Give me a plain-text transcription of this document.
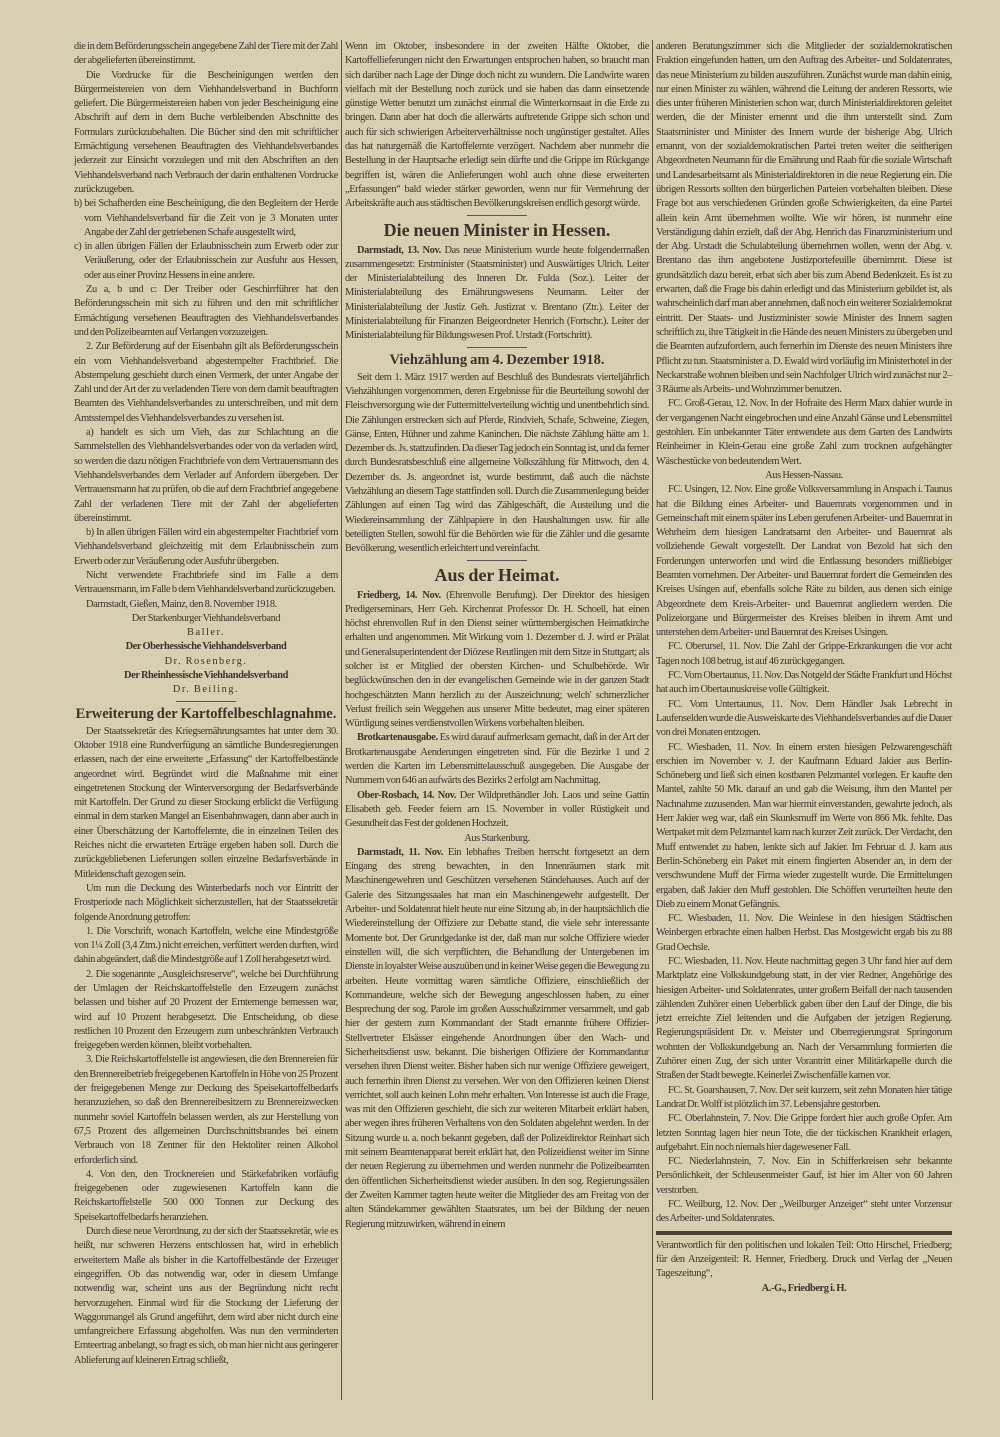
die in dem Beförderungsschein angegebene Zahl der Tiere mit der Zahl der abgelieferten übereinstimmt.

Die Vordrucke für die Bescheinigungen werden den Bürgermeistereien von dem Viehhandelsverband in Buchform geliefert. Die Bürgermeistereien haben von jeder Bescheinigung eine Abschrift auf dem in dem Buche verbleibenden Abschnitte des Formulars zurückzubehalten. Die Bücher sind den mit schriftlicher Ermächtigung versehenen Beauftragten des Viehhandelsverbandes jederzeit zur Einsicht vorzulegen und mit den Abschriften an den Viehhandelsverband nach Verbrauch der darin enthaltenen Vordrucke zurückzugeben.

b) bei Schafherden eine Bescheinigung, die den Begleitern der Herde vom Viehhandelsverband für die Zeit von je 3 Monaten unter Angabe der Zahl der getriebenen Schafe ausgestellt wird,

c) in allen übrigen Fällen der Erlaubnisschein zum Erwerb oder zur Veräußerung, oder der Erlaubnisschein zur Ausfuhr aus Hessen, oder aus einer Provinz Hessens in eine andere.

Zu a, b und c: Der Treiber oder Geschirrführer hat den Beförderungsschein mit sich zu führen und den mit schriftlicher Ermächtigung versehenen Beauftragten des Viehhandelsverbandes und den Polizeibeamten auf Verlangen vorzuzeigen.

2. Zur Beförderung auf der Eisenbahn gilt als Beförderungsschein ein vom Viehhandelsverband abgestempelter Frachtbrief. Die Abstempelung geschieht durch einen Vermerk, der unter Angabe der Zahl und der Art der zu verladenden Tiere von dem damit beauftragten Beamten des Viehhandelsverbandes zu unterschreiben, und mit dem Amtsstempel des Viehhandelsverbandes zu versehen ist.

a) handelt es sich um Vieh, das zur Schlachtung an die Sammelstellen des Viehhandelsverbandes oder von da verladen wird, so werden die dazu nötigen Frachtbriefe von dem Vertrauensmann des Viehhandelsverbandes dem Verlader auf Anfordern übergeben. Der Vertrauensmann hat zu prüfen, ob die auf dem Frachtbrief angegebene Zahl der verladenen Tiere mit der Zahl der abgelieferten übereinstimmt.

b) In allen übrigen Fällen wird ein abgestempelter Frachtbrief vom Viehhandelsverband gleichzeitig mit dem Erlaubnisschein zum Erwerb oder zur Veräußerung oder Ausfuhr übergeben.

Nicht verwendete Frachtbriefe sind im Falle a dem Vertrauensmann, im Falle b dem Viehhandelsverband zurückzugeben.

Darmstadt, Gießen, Mainz, den 8. November 1918.

Der Starkenburger Viehhandelsverband

Baller.

Der Oberhessische Viehhandelsverband

Dr. Rosenberg.

Der Rheinhessische Viehhandelsverband

Dr. Beiling.

Erweiterung der Kartoffelbeschlagnahme.

Der Staatssekretär des Kriegsernährungsamtes hat unter dem 30. Oktober 1918 eine Rundverfügung an sämtliche Bundesregierungen erlassen, nach der eine erweiterte „Erfassung“ der Kartoffelbestände angeordnet wird. Begründet wird die Maßnahme mit einer eingetretenen Stockung der Winterversorgung der Bedarfsverbände mit Kartoffeln. Der Grund zu dieser Stockung erblickt die Verfügung einmal in dem starken Mangel an Eisenbahnwagen, dann aber auch in einer Überschätzung der Kartoffelernte, die in einzelnen Teilen des Reiches nicht die erwarteten Erträge ergeben haben soll. Durch die zurückgebliebenen Lieferungen sollen einzelne Bedarfsverbände in Mitleidenschaft gezogen sein.

Um nun die Deckung des Winterbedarfs noch vor Eintritt der Frostperiode nach Möglichkeit sicherzustellen, hat der Staatssekretär folgende Anordnung getroffen:

1. Die Vorschrift, wonach Kartoffeln, welche eine Mindestgröße von 1¼ Zoll (3,4 Ztm.) nicht erreichen, verfüttert werden durften, wird dahin abgeändert, daß die Mindestgröße auf 1 Zoll herabgesetzt wird.

2. Die sogenannte „Ausgleichsreserve“, welche bei Durchführung der Umlagen der Reichskartoffelstelle den Erzeugern zunächst belassen und bisher auf 20 Prozent der Erntemenge bemessen war, wird auf 10 Prozent herabgesetzt. Die Entscheidung, ob diese restlichen 10 Prozent den Erzeugern zum unbeschränkten Verbrauch freigegeben werden können, bleibt vorbehalten.

3. Die Reichskartoffelstelle ist angewiesen, die den Brennereien für den Brennereibetrieb freigegebenen Kartoffeln in Höhe von 25 Prozent der freigegebenen Menge zur Deckung des Speisekartoffelbedarfs heranzuziehen, so daß den Brennereibesitzern zu Brennereizwecken nunmehr soviel Kartoffeln belassen werden, als zur Herstellung von 67,5 Prozent des allgemeinen Durchschnittsbrandes bei einem Verbrauch von 18 Zentner für den Hektoliter reinen Alkohol erforderlich sind.

4. Von den, den Trocknereien und Stärkefabriken vorläufig freigegebenen oder zugewiesenen Kartoffeln kann die Reichskartoffelstelle 500 000 Tonnen zur Deckung des Speisekartoffelbedarfs heranziehen.

Durch diese neue Verordnung, zu der sich der Staatssekretär, wie es heißt, nur schweren Herzens entschlossen hat, wird in erheblich erweitertem Maße als bisher in die Kartoffelbestände der Erzeuger eingegriffen. Ob das notwendig war, oder in diesem Umfange notwendig war, scheint uns aus der Begründung nicht recht hervorzugehen. Einmal wird für die Stockung der Lieferung der Waggonmangel als Grund angeführt, dem wird aber nicht durch eine umfangreichere Erfassung abgeholfen. Was nun den verminderten Ernteertrag anbelangt, so fragt es sich, ob man hier nicht aus geringerer Ablieferung auf kleineren Ertrag schließt,

Wenn im Oktober, insbesondere in der zweiten Hälfte Oktober, die Kartoffellieferungen nicht den Erwartungen entsprochen haben, so braucht man sich darüber nach Lage der Dinge doch nicht zu wundern. Die Landwirte waren vielfach mit der Bestellung noch zurück und sie haben das dann einsetzende günstige Wetter benutzt um zunächst einmal die Winterkornsaat in die Erde zu bringen. Dann aber hat doch die allerwärts auftretende Grippe sich schon und auch für sich schwierigen Arbeiterverhältnisse noch ungünstiger gestaltet. Alles das hat naturgemäß die Kartoffelernte verzögert. Nachdem aber nunmehr die Bestellung in der Hauptsache erledigt sein dürfte und die Grippe im Rückgange begriffen ist, wären die Anlieferungen wohl auch ohne diese erweiterten „Erfassungen“ bald wieder stärker geworden, wenn nur für Vermehrung der Arbeitskräfte auch aus städtischen Bevölkerungskreisen endlich gesorgt würde.

Die neuen Minister in Hessen.

Darmstadt, 13. Nov. Das neue Ministerium wurde heute folgendermaßen zusammengesetzt: Erstminister (Staatsminister) und Auswärtiges Ulrich. Leiter der Ministerialabteilung des Inneren Dr. Fulda (Soz.). Leiter der Ministerialabteilung des Ernährungswesens Neumann. Leiter der Ministerialabteilung der Justiz Geh. Justizrat v. Brentano (Ztr.). Leiter der Ministerialabteilung für Finanzen Beigeordneter Henrich (Fortschr.). Leiter der Ministerialabteilung für Bildungswesen Prof. Urstadt (Fortschritt).

Viehzählung am 4. Dezember 1918.

Seit dem 1. März 1917 werden auf Beschluß des Bundesrats vierteljährlich Viehzählungen vorgenommen, deren Ergebnisse für die Beurteilung sowohl der Fleischversorgung wie der Futtermittelverteilung wichtig und unentbehrlich sind. Die Zählungen erstrecken sich auf Pferde, Rindvieh, Schafe, Schweine, Ziegen, Gänse, Enten, Hühner und zahme Kaninchen. Die nächste Zählung hätte am 1. Dezember ds. Js. stattzufinden. Da dieser Tag jedoch ein Sonntag ist, und da ferner durch Bundesratsbeschluß eine allgemeine Volkszählung für Mittwoch, den 4. Dezember ds. Js. angeordnet ist, wurde bestimmt, daß auch die nächste Viehzählung an diesem Tage stattfinden soll. Durch die Zusammenlegung beider Zählungen auf einen Tag wird das Zählgeschäft, die Austeilung und die Wiedereinsammlung der Zählpapiere in den Haushaltungen usw. für alle beteiligten Stellen, sowohl für die Behörden wie für die Zähler und die gesamte Bevölkerung, wesentlich erleichtert und vereinfacht.

Aus der Heimat.

Friedberg, 14. Nov. (Ehrenvolle Berufung). Der Direktor des hiesigen Predigerseminars, Herr Geh. Kirchenrat Professor Dr. H. Schoell, hat einen höchst ehrenvollen Ruf in den Dienst seiner württembergischen Heimatkirche erhalten und angenommen. Mit Wirkung vom 1. Dezember d. J. wird er Prälat und Generalsuperintendent der Diözese Reutlingen mit dem Sitze in Stuttgart; als solcher ist er Mitglied der obersten Kirchen- und Schulbehörde. Wir beglückwünschen den in der evangelischen Gemeinde wie in der ganzen Stadt hochgeschätzten Mann herzlich zu der Auszeichnung; welch' schmerzlicher Verlust freilich sein Weggehen aus unserer Mitte bedeutet, mag einer späteren Würdigung seines verdienstvollen Wirkens vorbehalten bleiben.

Brotkartenausgabe. Es wird darauf aufmerksam gemacht, daß in der Art der Brotkartenausgabe Aenderungen eingetreten sind. Für die Bezirke 1 und 2 werden die Karten im Lebensmittelausschuß ausgegeben. Die Ausgabe der Nummern von 646 an aufwärts des Bezirks 2 erfolgt am Nachmittag.

Ober-Rosbach, 14. Nov. Der Wildprethändler Joh. Laos und seine Gattin Elisabeth geb. Feeder feiern am 15. November in voller Rüstigkeit und Gesundheit das Fest der goldenen Hochzeit.

Aus Starkenburg.

Darmstadt, 11. Nov. Ein lebhaftes Treiben herrscht fortgesetzt an dem Eingang des streng bewachten, in den Innenräumen stark mit Maschinengewehren und Geschützen versehenen Ständehauses. Auch auf der Galerie des Sitzungssaales hat man ein Maschinengewehr aufgestellt. Der Arbeiter- und Soldatenrat hielt heute nur eine Sitzung ab, in der hauptsächlich die Wiedereinstellung der Offiziere zur Debatte stand, die viele sehr interessante Momente bot. Der Grundgedanke ist der, daß man nur solche Offiziere wieder einstellen will, die sich verpflichten, die Behandlung der Untergebenen im Dienste in loyalster Weise auszuüben und in keiner Weise gegen die Bewegung zu arbeiten. Heute vormittag waren sämtliche Offiziere, einschließlich der Kommandeure, welche sich der Bewegung angeschlossen haben, zu einer Besprechung der sog. Parole im großen Ausschußzimmer versammelt, und gab hier der gestern zum Kommandant der Stadt ernannte frühere Offizier-Stellvertreter Elsässer eingehende Anordnungen über den Wach- und Sicherheitsdienst usw. bekannt. Die bisherigen Offiziere der Kommandantur versehen ihren Dienst weiter. Bisher haben sich nur wenige Offiziere geweigert, auch fernerhin ihren Dienst zu versehen. Wer von den Offizieren keinen Dienst verrichtet, soll auch keinen Lohn mehr erhalten. Von Interesse ist auch die Frage, was mit den Offizieren geschieht, die sich zur weiteren Mitarbeit erklärt haben, aber wegen ihres früheren Verhaltens von den Soldaten abgelehnt werden. In der Sitzung wurde u. a. noch bekannt gegeben, daß der Polizeidirektor Reinhart sich mit seinem Beamtenapparat bereit erklärt hat, den Polizeidienst weiter im Sinne der neuen Regierung zu übernehmen und werden nunmehr die Polizeibeamten den öffentlichen Sicherheitsdienst wieder ausüben. In den sog. Regierungssälen der Zweiten Kammer tagten heute weiter die Mitglieder des am Freitag von der alten Ständekammer gewählten Staatsrates, um bei der Bildung der neuen Regierung mitzuwirken, während in einem

anderen Beratungszimmer sich die Mitglieder der sozialdemokratischen Fraktion eingefunden hatten, um den Auftrag des Arbeiter- und Soldatenrates, das neue Ministerium zu bilden auszuführen. Zunächst wurde man dahin einig, nur einen Minister zu wählen, während die Leitung der anderen Ressorts, wie dies unter früheren Ministerien schon war, durch Ministerialdirektoren geleitet werden, die der Minister ernennt und die ihm unterstellt sind. Zum Staatsminister und Minister des Innern wurde der bisherige Abg. Ulrich ernannt, von der sozialdemokratischen Partei treten weiter die seitherigen Abgeordneten Neumann für die Ernährung und Raab für die soziale Wirtschaft und Landesarbeitsamt als Ministerialdirektoren in die neue Regierung ein. Die übrigen Ressorts sollten den bürgerlichen Parteien vorbehalten bleiben. Diese Frage bot aus verschiedenen Gründen große Schwierigkeiten, da eine Partei allein kein Amt übernehmen wollte. Wie wir hören, ist nunmehr eine Verständigung dahin erzielt, daß der Abg. Henrich das Finanzministerium und der Abg. Urstadt die Schulabteilung übernehmen wollen, wenn der Abg. v. Brentano das ihm angebotene Justizportefeuille übernimmt. Diese ist grundsätzlich dazu bereit, erbat sich aber bis zum Abend Bedenkzeit. Es ist zu erwarten, daß die Frage bis dahin erledigt und das Ministerium gebildet ist, als wahrscheinlich darf man aber annehmen, daß noch ein weiterer Sozialdemokrat eintritt. Der Staats- und Justizminister sowie Minister des Innern sagten schriftlich zu, ihre Tätigkeit in die Hände des neuen Ministers zu übergeben und die Beamten aufzufordern, auch fernerhin im Dienste des neuen Ministers ihre Pflicht zu tun. Staatsminister a. D. Ewald wird vorläufig im Ministerhotel in der Neckarstraße wohnen bleiben und sein Nachfolger Ulrich wird zunächst nur 2–3 Räume als Arbeits- und Wohnzimmer benutzen.

FC. Groß-Gerau, 12. Nov. In der Hofraite des Herrn Marx dahier wurde in der vergangenen Nacht eingebrochen und eine Anzahl Gänse und Lebensmittel gestohlen. Ein unbekannter Täter entwendete aus dem Garten des Landwirts Reinheimer in Klein-Gerau eine große Zahl zum trocknen aufgehängter Wäschestücke von bedeutendem Wert.

Aus Hessen-Nassau.

FC. Usingen, 12. Nov. Eine große Volksversammlung in Anspach i. Taunus hat die Bildung eines Arbeiter- und Bauernrats vorgenommen und in Gemeinschaft mit einem später ins Leben gerufenen Arbeiter- und Bauernrat in Wehrheim dem hiesigen Landratsamt den Arbeiter- und Bauernrat als vollziehende Gewalt vorgestellt. Der Landrat von Bezold hat sich den Forderungen unterworfen und wird die Entlassung besonders mißliebiger Beamten vornehmen. Der Arbeiter- und Bauernrat fordert die Gemeinden des Kreises Usingen auf, ebenfalls solche Räte zu bilden, aus denen sich einige Abgeordnete dem Kreis-Arbeiter- und Bauernrat angliedern werden. Die Polizeiorgane und Bürgermeister des Kreises bleiben in ihrem Amt und unterstehen dem Arbeiter- und Bauernrat des Kreises Usingen.

FC. Oberursel, 11. Nov. Die Zahl der Grippe-Erkrankungen die vor acht Tagen noch 108 betrug, ist auf 46 zurückgegangen.

FC. Vom Obertaunus, 11. Nov. Das Notgeld der Städte Frankfurt und Höchst hat auch im Obertaunuskreise volle Gültigkeit.

FC. Vom Untertaunus, 11. Nov. Dem Händler Jsak Lebrecht in Laufenselden wurde die Ausweiskarte des Viehhandelsverbandes auf die Dauer von drei Monaten entzogen.

FC. Wiesbaden, 11. Nov. In einem ersten hiesigen Pelzwarengeschäft erschien im November v. J. der Kaufmann Eduard Jakier aus Berlin-Schöneberg und ließ sich einen kostbaren Pelzmantel vorlegen. Er kaufte den Mantel, zahlte 50 Mk. darauf an und gab die Weisung, ihm den Mantel per Nachnahme zuzusenden. Man war hiermit einverstanden, gewahrte jedoch, als Herr Jakier weg war, daß ein Skunksmuff im Werte von 866 Mk. fehlte. Das Wertpaket mit dem Pelzmantel kam nach kurzer Zeit zurück. Der Verdacht, den Muff entwendet zu haben, lenkte sich auf Jakier. Im Februar d. J. kam aus Berlin-Schöneberg ein Paket mit einem fingierten Absender an, in dem der verschwundene Muff der Firma wieder zugestellt wurde. Die Ermittelungen ergaben, daß Jakier den Muff gestohlen. Die Schöffen verurteilten heute den Dieb zu einem Monat Gefängnis.

FC. Wiesbaden, 11. Nov. Die Weinlese in den hiesigen Städtischen Weinbergen erbrachte einen halben Herbst. Das Mostgewicht ergab bis zu 88 Grad Oechsle.

FC. Wiesbaden, 11. Nov. Heute nachmittag gegen 3 Uhr fand hier auf dem Marktplatz eine Volkskundgebung statt, in der vier Redner, Angehörige des hiesigen Arbeiter- und Soldatenrates, unter großem Beifall der nach tausenden zählenden Zuhörer einen Ueberblick gaben über den Lauf der Dinge, die bis jetzt erreichte Ziel leitenden und die Aufgaben der jetzigen Regierung. Regierungspräsident Dr. v. Meister und Oberregierungsrat Springorum wohnten der Volkskundgebung an. Nach der Versammlung formierten die Zuhörer einen Zug, der sich unter Vorantritt einer Militärkapelle durch die Straßen der Stadt bewegte. Keinerlei Zwischenfälle kamen vor.

FC. St. Goarshausen, 7. Nov. Der seit kurzem, seit zehn Monaten hier tätige Landrat Dr. Wolff ist plötzlich im 37. Lebensjahre gestorben.

FC. Oberlahnstein, 7. Nov. Die Grippe fordert hier auch große Opfer. Am letzten Sonntag lagen hier neun Tote, die der tückischen Krankheit erlagen, aufgebahrt. Ein noch niemals hier dagewesener Fall.

FC. Niederlahnstein, 7. Nov. Ein in Schifferkreisen sehr bekannte Persönlichkeit, der Schleusenmeister Gauf, ist hier im Alter von 60 Jahren verstorben.

FC. Weilburg, 12. Nov. Der „Weilburger Anzeiger“ steht unter Vorzensur des Arbeiter- und Soldatenrates.

Verantwortlich für den politischen und lokalen Teil: Otto Hirschel, Friedberg; für den Anzeigenteil: R. Henner, Friedberg. Druck und Verlag der „Neuen Tageszeitung“,

A.-G., Friedberg i. H.
